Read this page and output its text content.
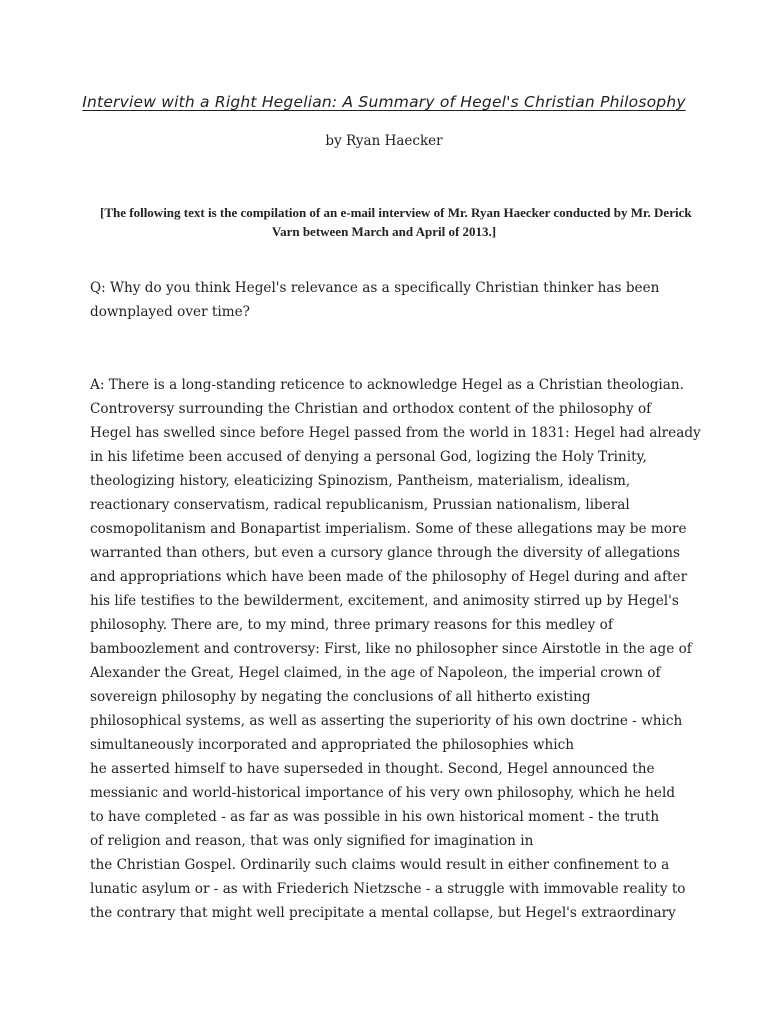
Interview with a Right Hegelian: A Summary of Hegel's Christian Philosophy
by Ryan Haecker
[The following text is the compilation of an e-mail interview of Mr. Ryan Haecker conducted by Mr. Derick
Varn between March and April of 2013.]
Q: Why do you think Hegel's relevance as a specifically Christian thinker has been
downplayed over time?
A: There is a long-standing reticence to acknowledge Hegel as a Christian theologian.
Controversy surrounding the Christian and orthodox content of the philosophy of
Hegel has swelled since before Hegel passed from the world in 1831: Hegel had already
in his lifetime been accused of denying a personal God, logizing the Holy Trinity,
theologizing history, eleaticizing Spinozism, Pantheism, materialism, idealism,
reactionary conservatism, radical republicanism, Prussian nationalism, liberal
cosmopolitanism and Bonapartist imperialism. Some of these allegations may be more
warranted than others, but even a cursory glance through the diversity of allegations
and appropriations which have been made of the philosophy of Hegel during and after
his life testifies to the bewilderment, excitement, and animosity stirred up by Hegel's
philosophy. There are, to my mind, three primary reasons for this medley of
bamboozlement and controversy: First, like no philosopher since Airstotle in the age of
Alexander the Great, Hegel claimed, in the age of Napoleon, the imperial crown of
sovereign philosophy by negating the conclusions of all hitherto existing
philosophical systems, as well as asserting the superiority of his own doctrine - which
simultaneously incorporated and appropriated the philosophies which
he asserted himself to have superseded in thought. Second, Hegel announced the
messianic and world-historical importance of his very own philosophy, which he held
to have completed - as far as was possible in his own historical moment - the truth
of religion and reason, that was only signified for imagination in
the Christian Gospel. Ordinarily such claims would result in either confinement to a
lunatic asylum or - as with Friederich Nietzsche - a struggle with immovable reality to
the contrary that might well precipitate a mental collapse, but Hegel's extraordinary
